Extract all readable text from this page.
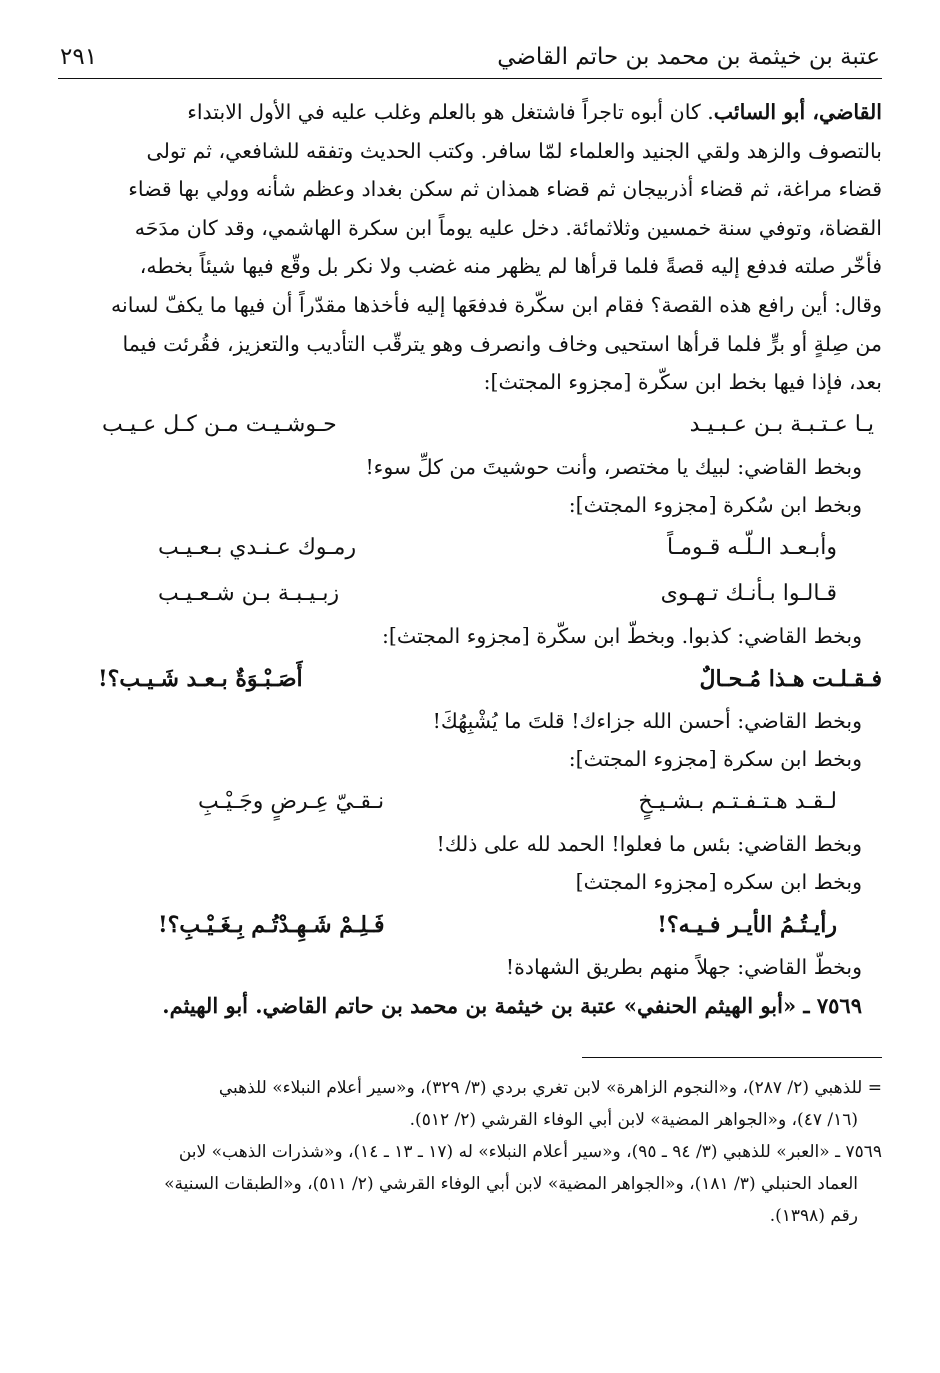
عتبة بن خيثمة بن محمد بن حاتم القاضي
٢٩١

القاضي، أبو السائب. كان أبوه تاجراً فاشتغل هو بالعلم وغلب عليه في الأول الابتداء

بالتصوف والزهد ولقي الجنيد والعلماء لمّا سافر. وكتب الحديث وتفقه للشافعي، ثم تولى

قضاء مراغة، ثم قضاء أذربيجان ثم قضاء همذان ثم سكن بغداد وعظم شأنه وولي بها قضاء

القضاة، وتوفي سنة خمسين وثلاثمائة. دخل عليه يوماً ابن سكرة الهاشمي، وقد كان مدَحَه

فأخّر صلته فدفع إليه قصةً فلما قرأها لم يظهر منه غضب ولا نكر بل وقّع فيها شيئاً بخطه،

وقال: أين رافع هذه القصة؟ فقام ابن سكّرة فدفعَها إليه فأخذها مقدّراً أن فيها ما يكفّ لسانه

من صِلةٍ أو برٍّ فلما قرأها استحيى وخاف وانصرف وهو يترقّب التأديب والتعزيز، فقُرئت فيما

بعد، فإذا فيها بخط ابن سكّرة [مجزوء المجتث]:

يـا عـتـبـة بـن عـبـيـد
حـوشـيـت مـن كـل عـيـب

وبخط القاضي: لبيك يا مختصر، وأنت حوشيتَ من كلِّ سوء!

وبخط ابن سُكرة [مجزوء المجتث]:

وأبـعـد الـلّـه قـومـاً
رمـوك عـنـدي بـعـيـب
قـالـوا بـأنـك تـهـوى
زبـيـبـة بـن شـعـيـب

وبخط القاضي: كذبوا. وبخطّ ابن سكّرة [مجزوء المجتث]:

فـقـلـت هـذا مُـحـالٌ
أَصَـبْـوَةٌ بـعـد شَـيـب؟!

وبخط القاضي: أحسن الله جزاءك! قلتَ ما يُشْبِهُكَ!

وبخط ابن سكرة [مجزوء المجتث]:

لـقـد هـتـفـتـم بـشـيـخٍ
نـقـيّ عِـرضٍ وجَـيْـبِ

وبخط القاضي: بئس ما فعلوا! الحمد لله على ذلك!

وبخط ابن سكره [مجزوء المجتث]

رأيـتُـمُ الأيـر فـيـه؟!
فَـلِـمْ شَـهِـدْتُـم بِـغَـيْـبِ؟!

وبخطّ القاضي: جهلاً منهم بطريق الشهادة!

٧٥٦٩ ـ «أبو الهيثم الحنفي» عتبة بن خيثمة بن محمد بن حاتم القاضي. أبو الهيثم.

= للذهبي (٢/ ٢٨٧)، و«النجوم الزاهرة» لابن تغري بردي (٣/ ٣٢٩)، و«سير أعلام النبلاء» للذهبي

(١٦/ ٤٧)، و«الجواهر المضية» لابن أبي الوفاء القرشي (٢/ ٥١٢).

٧٥٦٩ ـ «العبر» للذهبي (٣/ ٩٤ ـ ٩٥)، و«سير أعلام النبلاء» له (١٧ ـ ١٣ ـ ١٤)، و«شذرات الذهب» لابن

العماد الحنبلي (٣/ ١٨١)، و«الجواهر المضية» لابن أبي الوفاء القرشي (٢/ ٥١١)، و«الطبقات السنية»

رقم (١٣٩٨).
